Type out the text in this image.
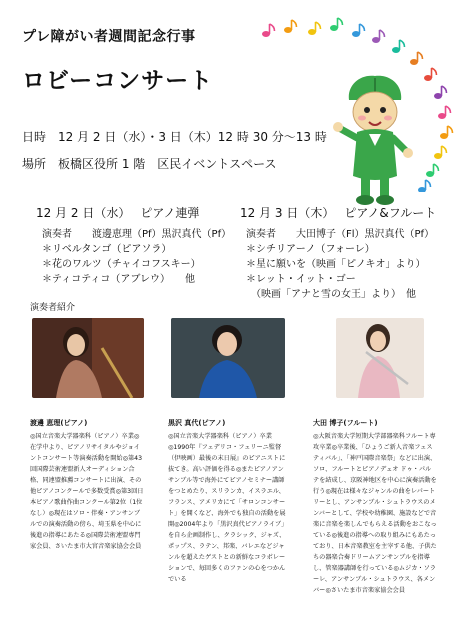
プレ障がい者週間記念行事
ロビーコンサート
日時 12 月 2 日（水）・3 日（木）12 時 30 分～13 時
場所 板橋区役所 1 階　区民イベントスペース
12 月 2 日（水） ピアノ連弾
演奏者　　渡邊恵理（Pf）黒沢真代（Pf）
＊リベルタンゴ（ピアソラ）
＊花のワルツ（チャイコフスキー）
＊ティコティコ（アブレウ）　　他
12 月 3 日（木） ピアノ&フルート
演奏者　　大田博子（Fl）黒沢真代（Pf）
＊シチリアーノ（フォーレ）
＊星に願いを（映画「ピノキオ」より）
＊レット・イット・ゴー
　（映画「アナと雪の女王」より）　他
演奏者紹介
渡邊 恵理(ピアノ)
◎国立音楽大学器楽科（ピアノ）卒業◎在学中より、ピアノリサイタルやジョイントコンサート等演奏活動を開始◎第43回国際芸術連盟新人オーディション合格、同連盟推薦コンサートに出演、その他ピアノコンクールで多数受賞◎第3回日本ピアノ歌曲作曲コンクール第2位（1位なし）◎現在はソロ・伴奏・アンサンブルでの演奏活動の傍ら、埼玉県を中心に後進の指導にあたる◎国際芸術連盟専門家会員、さいたま市大宮音楽家協会会員
黒沢 真代(ピアノ)
◎国立音楽大学器楽科（ピアノ）卒業◎1990年『フェデリコ・フェリーニ監督（伊映画）最後の末日展』のピアニストに抜てき。高い評価を得る◎またピアノアンサンブル等で海外にてピアノセミナー講師をつとめたり、スリランカ、イスラエル、フランス、アメリカにて「サロンコンサート」を開くなど、海外でも独自の活動を展開◎2004年より「黒沢真代ピアノライブ」を自ら企画制作し、クラシック、ジャズ、ポップス、ラテン、邦楽、バレエなどジャンルを超えたゲストとの新鮮なコラボレーションで、毎回多くのファンの心をつかんでいる
大田 博子(フルート)
◎大阪音楽大学短期大学部器楽科フルート専攻卒業◎卒業後、「ひょうご新人音楽フェスティバル」、「神戸国際音楽祭」などに出演、ソロ、フルートとピアノデュオ ドゥ・パルテを結成し、京阪神地区を中心に演奏活動を行う◎現在は様々なジャンルの曲をレパートリーとし、アンサンブル・シュトラウスのメンバーとして、学校や幼稚園、施設などで音楽に音楽を楽しんでもらえる活動をおこなっている◎後進の指導への取り組みにもあたっており、日本音楽教室を主宰する他、子供たちの器楽合奏ドリームアンサンブルを指導し、管楽器講師を行っている◎ムジカ・ソラーレ、アンサンブル・シュトラウス、各メンバー◎さいたま市音楽家協会会員
